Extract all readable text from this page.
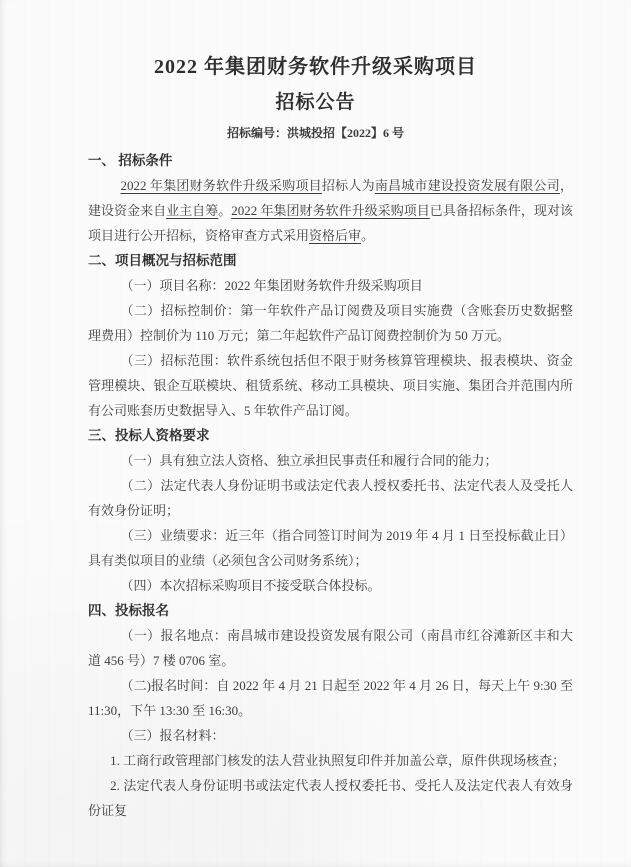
2022 年集团财务软件升级采购项目
招标公告
招标编号：洪城投招【2022】6 号
一、 招标条件

2022 年集团财务软件升级采购项目招标人为南昌城市建设投资发展有限公司，建设资金来自业主自筹。2022 年集团财务软件升级采购项目已具备招标条件，现对该项目进行公开招标，资格审查方式采用资格后审。

二、项目概况与招标范围

（一）项目名称：2022 年集团财务软件升级采购项目

（二）招标控制价：第一年软件产品订阅费及项目实施费（含账套历史数据整理费用）控制价为 110 万元；第二年起软件产品订阅费控制价为 50 万元。

（三）招标范围：软件系统包括但不限于财务核算管理模块、报表模块、资金管理模块、银企互联模块、租赁系统、移动工具模块、项目实施、集团合并范围内所有公司账套历史数据导入、5 年软件产品订阅。

三、投标人资格要求

（一）具有独立法人资格、独立承担民事责任和履行合同的能力；

（二）法定代表人身份证明书或法定代表人授权委托书、法定代表人及受托人有效身份证明；

（三）业绩要求：近三年（指合同签订时间为 2019 年 4 月 1 日至投标截止日）具有类似项目的业绩（必须包含公司财务系统）；

（四）本次招标采购项目不接受联合体投标。

四、投标报名

（一）报名地点：南昌城市建设投资发展有限公司（南昌市红谷滩新区丰和大道 456 号）7 楼 0706 室。

（二)报名时间：自 2022 年 4 月 21 日起至 2022 年 4 月 26 日，每天上午 9:30 至 11:30，下午 13:30 至 16:30。

（三）报名材料：

1. 工商行政管理部门核发的法人营业执照复印件并加盖公章，原件供现场核查；

2. 法定代表人身份证明书或法定代表人授权委托书、受托人及法定代表人有效身份证复
